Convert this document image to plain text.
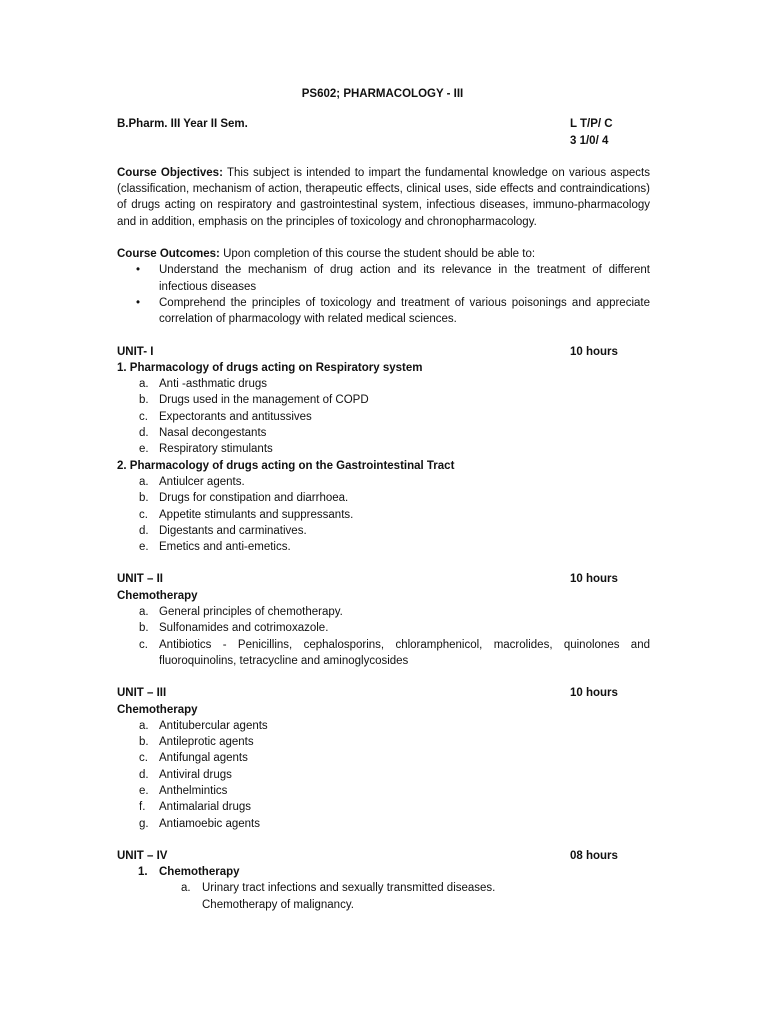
PS602; PHARMACOLOGY - III
B.Pharm. III Year II Sem.	L T/P/ C
3 1/0/ 4
Course Objectives: This subject is intended to impart the fundamental knowledge on various aspects (classification, mechanism of action, therapeutic effects, clinical uses, side effects and contraindications) of drugs acting on respiratory and gastrointestinal system, infectious diseases, immuno-pharmacology and in addition, emphasis on the principles of toxicology and chronopharmacology.
Course Outcomes: Upon completion of this course the student should be able to:
•	Understand the mechanism of drug action and its relevance in the treatment of different infectious diseases
•	Comprehend the principles of toxicology and treatment of various poisonings and appreciate correlation of pharmacology with related medical sciences.
UNIT- I	10 hours
1. Pharmacology of drugs acting on Respiratory system
a. Anti -asthmatic drugs
b. Drugs used in the management of COPD
c. Expectorants and antitussives
d. Nasal decongestants
e. Respiratory stimulants
2. Pharmacology of drugs acting on the Gastrointestinal Tract
a. Antiulcer agents.
b. Drugs for constipation and diarrhoea.
c. Appetite stimulants and suppressants.
d. Digestants and carminatives.
e. Emetics and anti-emetics.
UNIT – II	10 hours
Chemotherapy
a. General principles of chemotherapy.
b. Sulfonamides and cotrimoxazole.
c. Antibiotics - Penicillins, cephalosporins, chloramphenicol, macrolides, quinolones and fluoroquinolins, tetracycline and aminoglycosides
UNIT – III	10 hours
Chemotherapy
a. Antitubercular agents
b. Antileprotic agents
c. Antifungal agents
d. Antiviral drugs
e. Anthelmintics
f.	Antimalarial drugs
g. Antiamoebic agents
UNIT – IV	08 hours
1. Chemotherapy
a. Urinary tract infections and sexually transmitted diseases.
Chemotherapy of malignancy.
